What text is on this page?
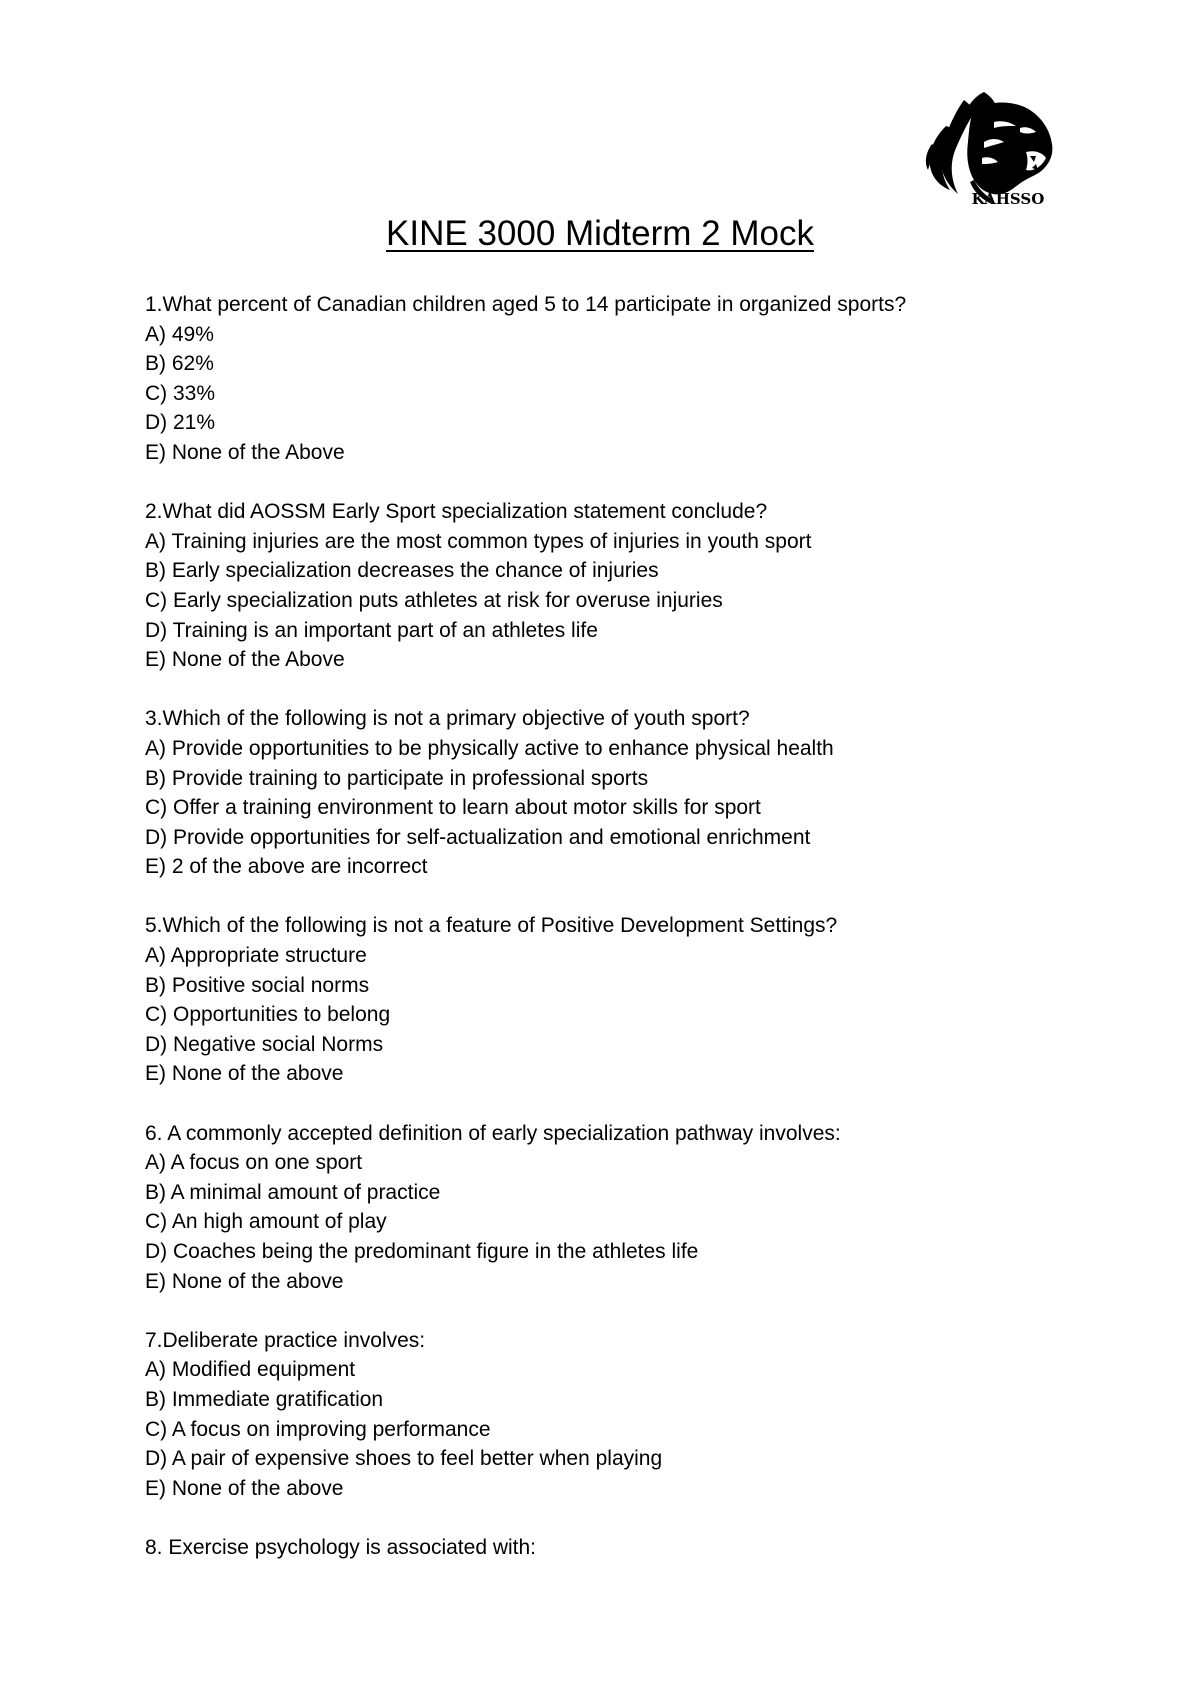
KAHSSO
KINE 3000 Midterm 2 Mock
1.What percent of Canadian children aged 5 to 14 participate in organized sports?
A) 49%
B) 62%
C) 33%
D) 21%
E) None of the Above
2.What did AOSSM Early Sport specialization statement conclude?
A) Training injuries are the most common types of injuries in youth sport
B) Early specialization decreases the chance of injuries
C) Early specialization puts athletes at risk for overuse injuries
D) Training is an important part of an athletes life
E) None of the Above
3.Which of the following is not a primary objective of youth sport?
A) Provide opportunities to be physically active to enhance physical health
B) Provide training to participate in professional sports
C) Offer a training environment to learn about motor skills for sport
D) Provide opportunities for self-actualization and emotional enrichment
E) 2 of the above are incorrect
5.Which of the following is not a feature of Positive Development Settings?
A) Appropriate structure
B) Positive social norms
C) Opportunities to belong
D) Negative social Norms
E) None of the above
6. A commonly accepted definition of early specialization pathway involves:
A) A focus on one sport
B) A minimal amount of practice
C) An high amount of play
D) Coaches being the predominant figure in the athletes life
E) None of the above
7.Deliberate practice involves:
A) Modified equipment
B) Immediate gratification
C) A focus on improving performance
D) A pair of expensive shoes to feel better when playing
E) None of the above
8. Exercise psychology is associated with:
